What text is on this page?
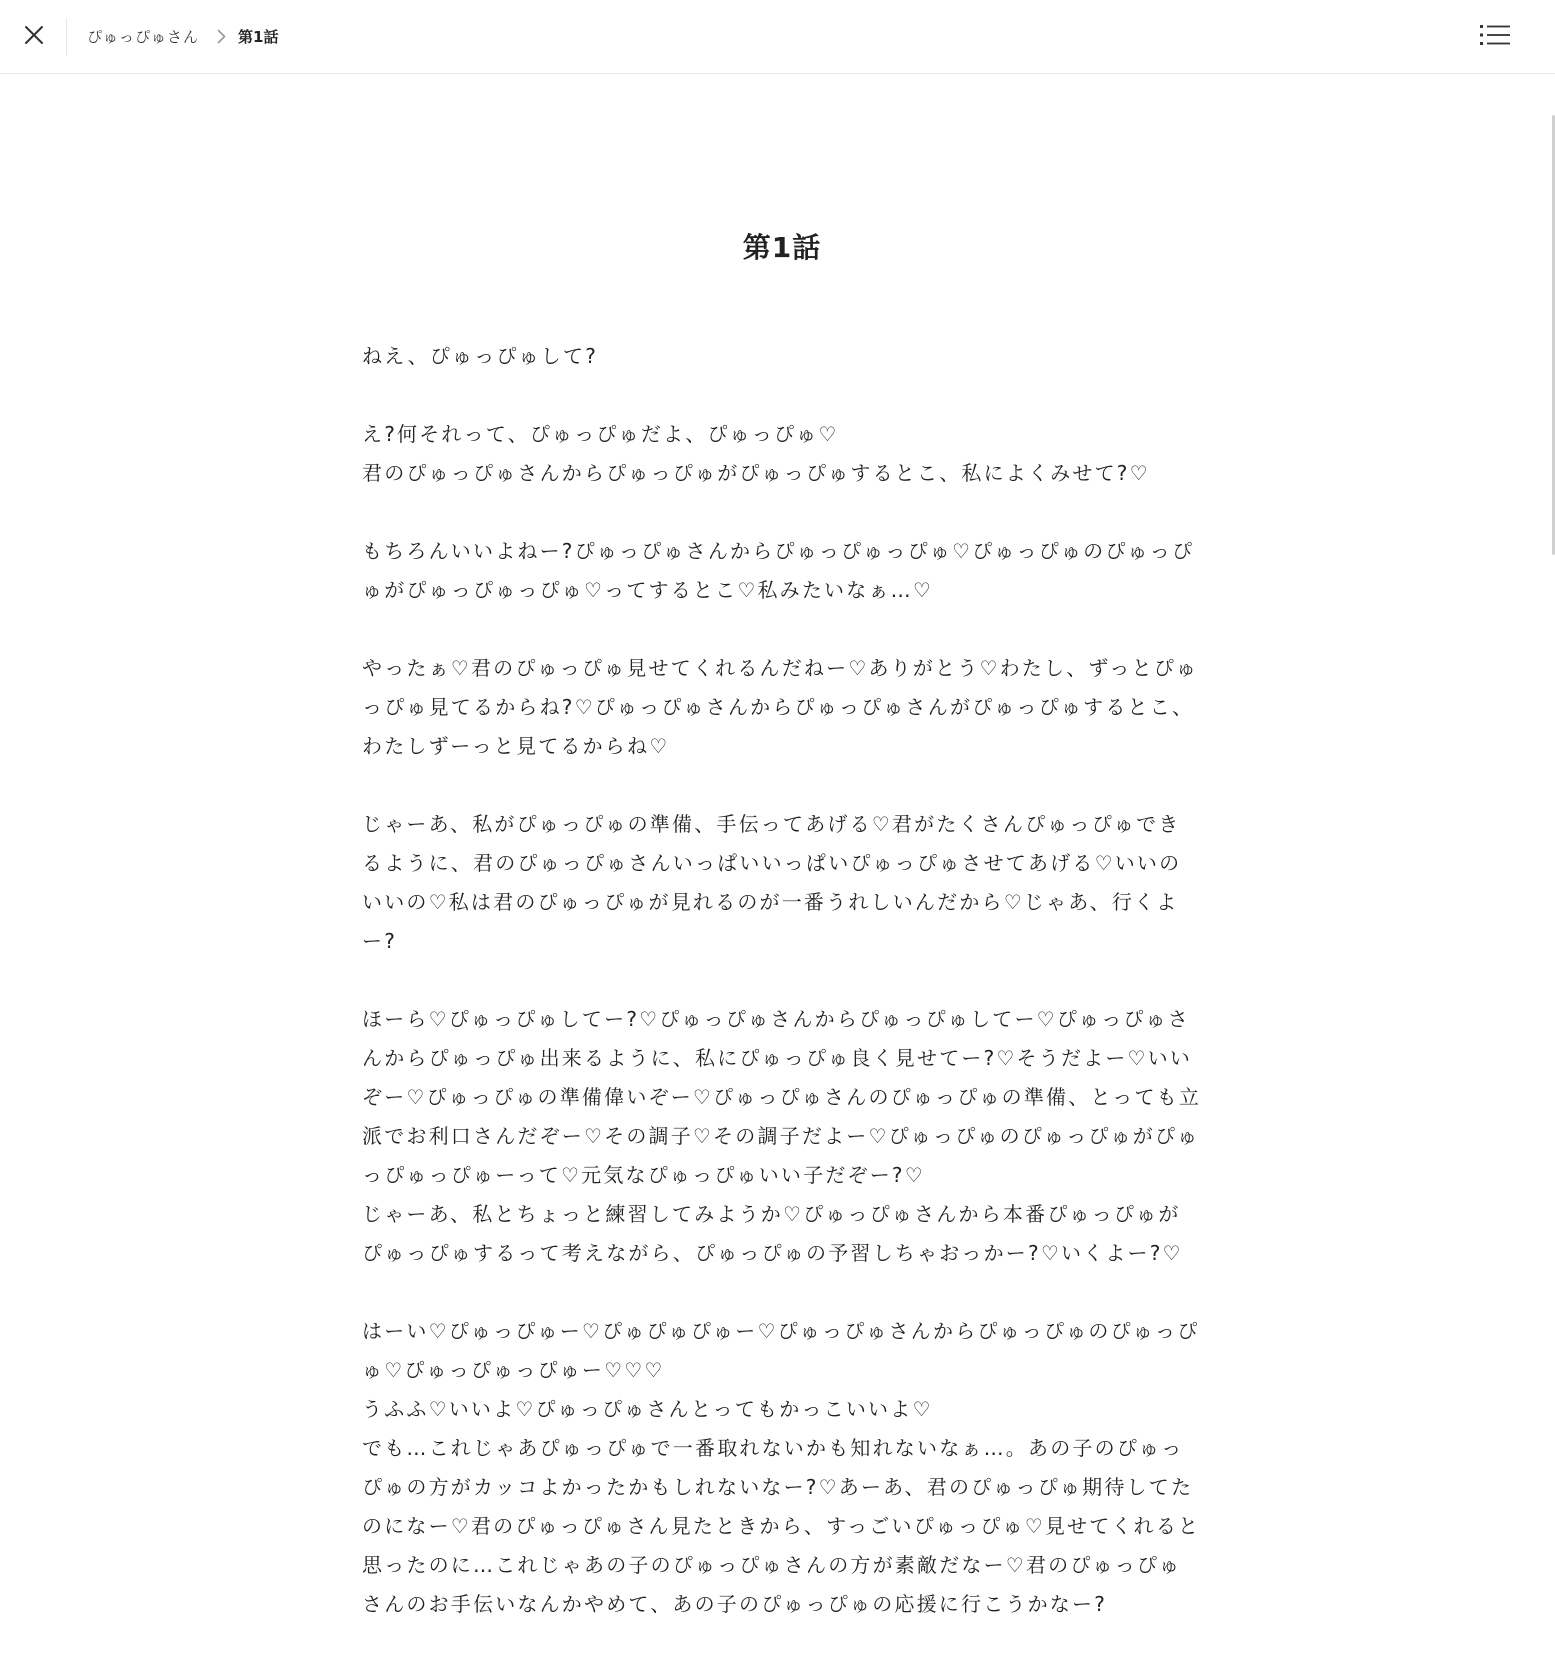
ぴゅっぴゅさん	第1話
第1話

ねえ、ぴゅっぴゅして?

え?何それって、ぴゅっぴゅだよ、ぴゅっぴゅ♡
君のぴゅっぴゅさんからぴゅっぴゅがぴゅっぴゅするとこ、私によくみせて?♡

もちろんいいよねー?ぴゅっぴゅさんからぴゅっぴゅっぴゅ♡ぴゅっぴゅのぴゅっぴゅがぴゅっぴゅっぴゅ♡ってするとこ♡私みたいなぁ…♡

やったぁ♡君のぴゅっぴゅ見せてくれるんだねー♡ありがとう♡わたし、ずっとぴゅっぴゅ見てるからね?♡ぴゅっぴゅさんからぴゅっぴゅさんがぴゅっぴゅするとこ、わたしずーっと見てるからね♡

じゃーあ、私がぴゅっぴゅの準備、手伝ってあげる♡君がたくさんぴゅっぴゅできるように、君のぴゅっぴゅさんいっぱいいっぱいぴゅっぴゅさせてあげる♡いいのいいの♡私は君のぴゅっぴゅが見れるのが一番うれしいんだから♡じゃあ、行くよー?

ほーら♡ぴゅっぴゅしてー?♡ぴゅっぴゅさんからぴゅっぴゅしてー♡ぴゅっぴゅさんからぴゅっぴゅ出来るように、私にぴゅっぴゅ良く見せてー?♡そうだよー♡いいぞー♡ぴゅっぴゅの準備偉いぞー♡ぴゅっぴゅさんのぴゅっぴゅの準備、とっても立派でお利口さんだぞー♡その調子♡その調子だよー♡ぴゅっぴゅのぴゅっぴゅがぴゅっぴゅっぴゅーって♡元気なぴゅっぴゅいい子だぞー?♡
じゃーあ、私とちょっと練習してみようか♡ぴゅっぴゅさんから本番ぴゅっぴゅがぴゅっぴゅするって考えながら、ぴゅっぴゅの予習しちゃおっかー?♡いくよー?♡

はーい♡ぴゅっぴゅー♡ぴゅぴゅぴゅー♡ぴゅっぴゅさんからぴゅっぴゅのぴゅっぴゅ♡ぴゅっぴゅっぴゅー♡♡♡
うふふ♡いいよ♡ぴゅっぴゅさんとってもかっこいいよ♡
でも…これじゃあぴゅっぴゅで一番取れないかも知れないなぁ…。あの子のぴゅっぴゅの方がカッコよかったかもしれないなー?♡あーあ、君のぴゅっぴゅ期待してたのになー♡君のぴゅっぴゅさん見たときから、すっごいぴゅっぴゅ♡見せてくれると思ったのに…これじゃあの子のぴゅっぴゅさんの方が素敵だなー♡君のぴゅっぴゅさんのお手伝いなんかやめて、あの子のぴゅっぴゅの応援に行こうかなー?
